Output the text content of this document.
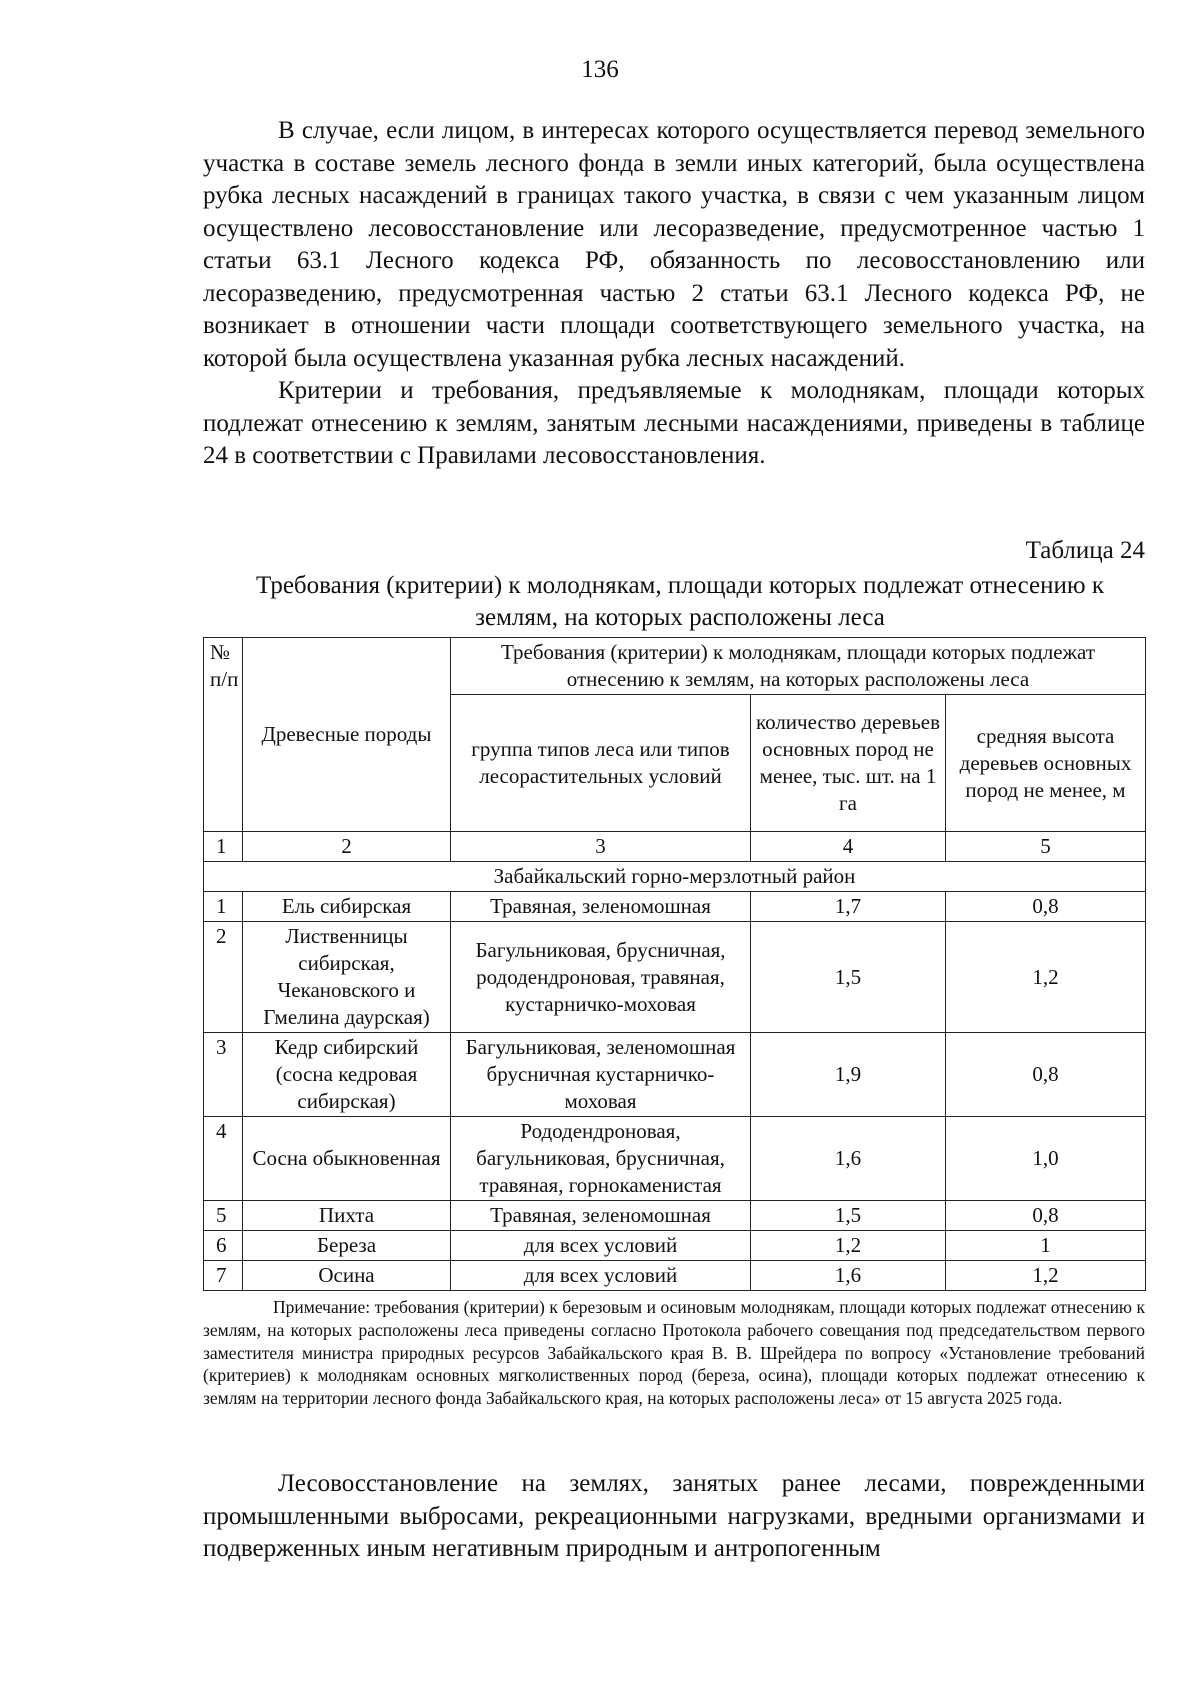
136

В случае, если лицом, в интересах которого осуществляется перевод земельного участка в составе земель лесного фонда в земли иных категорий, была осуществлена рубка лесных насаждений в границах такого участка, в связи с чем указанным лицом осуществлено лесовосстановление или лесоразведение, предусмотренное частью 1 статьи 63.1 Лесного кодекса РФ, обязанность по лесовосстановлению или лесоразведению, предусмотренная частью 2 статьи 63.1 Лесного кодекса РФ, не возникает в отношении части площади соответствующего земельного участка, на которой была осуществлена указанная рубка лесных насаждений.

Критерии и требования, предъявляемые к молоднякам, площади которых подлежат отнесению к землям, занятым лесными насаждениями, приведены в таблице 24 в соответствии с Правилами лесовосстановления.

Таблица 24

Требования (критерии) к молоднякам, площади которых подлежат отнесению к землям, на которых расположены леса

№ п/п	Древесные породы	Требования (критерии) к молоднякам, площади которых подлежат отнесению к землям, на которых расположены леса		
		группа типов леса или типов лесорастительных условий	количество деревьев основных пород не менее, тыс. шт. на 1 га	средняя высота деревьев основных пород не менее, м
1	2	3	4	5
Забайкальский горно-мерзлотный район				
1	Ель сибирская	Травяная, зеленомошная	1,7	0,8
2	Лиственницы сибирская, Чекановского и Гмелина даурская)	Багульниковая, брусничная, рододендроновая, травяная, кустарничко-моховая	1,5	1,2
3	Кедр сибирский (сосна кедровая сибирская)	Багульниковая, зеленомошная брусничная кустарничко-моховая	1,9	0,8
4	Сосна обыкновенная	Рододендроновая, багульниковая, брусничная, травяная, горнокаменистая	1,6	1,0
5	Пихта	Травяная, зеленомошная	1,5	0,8
6	Береза	для всех условий	1,2	1
7	Осина	для всех условий	1,6	1,2

Примечание: требования (критерии) к березовым и осиновым молоднякам, площади которых подлежат отнесению к землям, на которых расположены леса приведены согласно Протокола рабочего совещания под председательством первого заместителя министра природных ресурсов Забайкальского края В. В. Шрейдера по вопросу «Установление требований (критериев) к молоднякам основных мягколиственных пород (береза, осина), площади которых подлежат отнесению к землям на территории лесного фонда Забайкальского края, на которых расположены леса» от 15 августа 2025 года.

Лесовосстановление на землях, занятых ранее лесами, поврежденными промышленными выбросами, рекреационными нагрузками, вредными организмами и подверженных иным негативным природным и антропогенным
